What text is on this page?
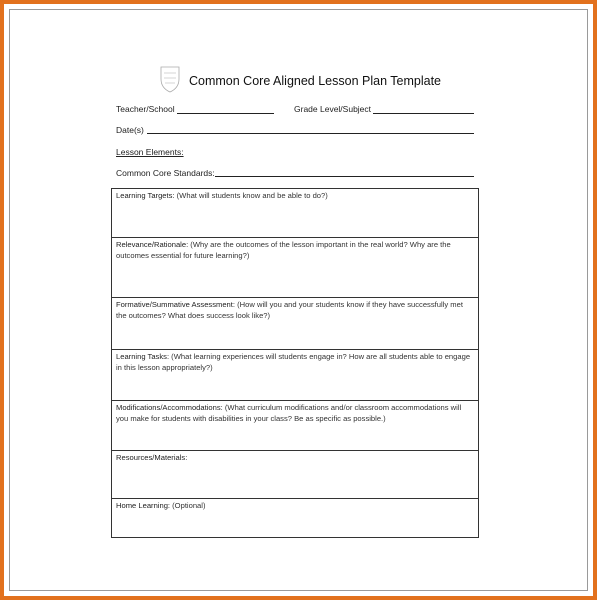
Common Core Aligned Lesson Plan Template
Teacher/School	Grade Level/Subject
Date(s)
Lesson Elements:
Common Core Standards:
Learning Targets: (What will students know and be able to do?)
Relevance/Rationale: (Why are the outcomes of the lesson important in the real world? Why are the outcomes essential for future learning?)
Formative/Summative Assessment: (How will you and your students know if they have successfully met the outcomes? What does success look like?)
Learning Tasks: (What learning experiences will students engage in? How are all students able to engage in this lesson appropriately?)
Modifications/Accommodations: (What curriculum modifications and/or classroom accommodations will you make for students with disabilities in your class? Be as specific as possible.)
Resources/Materials:
Home Learning: (Optional)
